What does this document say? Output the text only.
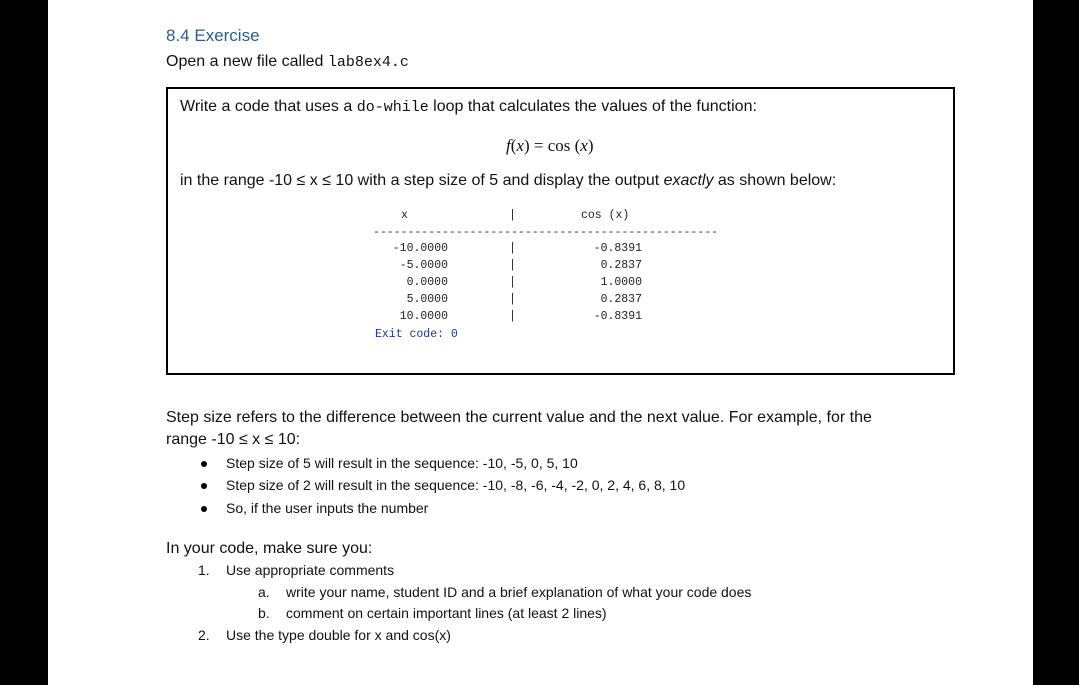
8.4 Exercise
Open a new file called lab8ex4.c
Write a code that uses a do-while loop that calculates the values of the function:
f(x) = cos (x)
in the range -10 ≤ x ≤ 10 with a step size of 5 and display the output exactly as shown below:
x	|	cos (x)
--------------------------------------------------
-10.0000	|	-0.8391
-5.0000	|	0.2837
0.0000	|	1.0000
5.0000	|	0.2837
10.0000	|	-0.8391
Exit code: 0
Step size refers to the difference between the current value and the next value. For example, for the
range -10 ≤ x ≤ 10:
Step size of 5 will result in the sequence: -10, -5, 0, 5, 10
Step size of 2 will result in the sequence: -10, -8, -6, -4, -2, 0, 2, 4, 6, 8, 10
So, if the user inputs the number
In your code, make sure you:
1. Use appropriate comments
a. write your name, student ID and a brief explanation of what your code does
b. comment on certain important lines (at least 2 lines)
2. Use the type double for x and cos(x)
